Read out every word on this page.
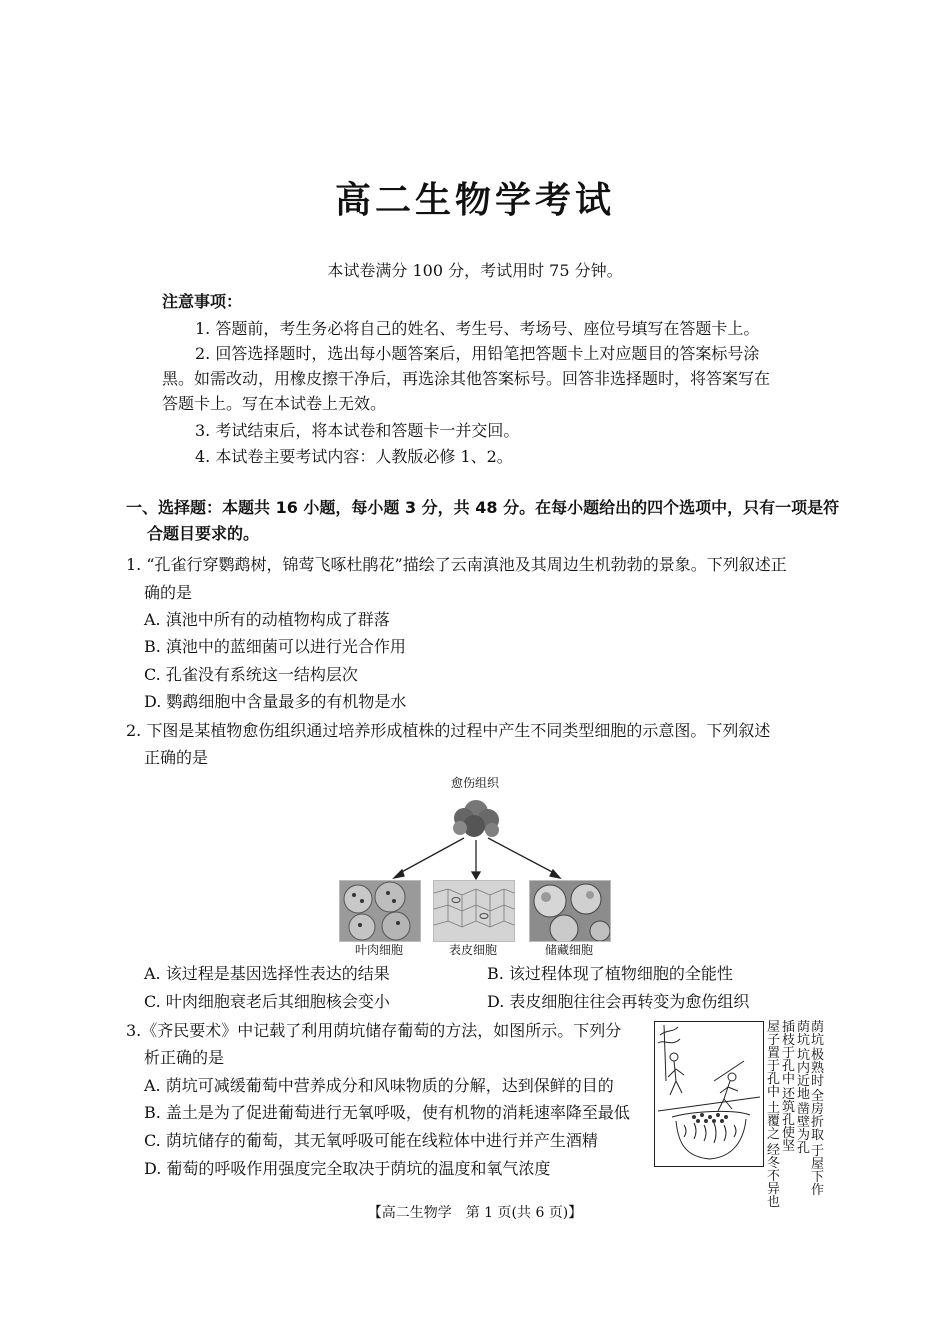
高二生物学考试
本试卷满分 100 分，考试用时 75 分钟。
注意事项：
1. 答题前，考生务必将自己的姓名、考生号、考场号、座位号填写在答题卡上。
2. 回答选择题时，选出每小题答案后，用铅笔把答题卡上对应题目的答案标号涂
黑。如需改动，用橡皮擦干净后，再选涂其他答案标号。回答非选择题时，将答案写在
答题卡上。写在本试卷上无效。
3. 考试结束后，将本试卷和答题卡一并交回。
4. 本试卷主要考试内容：人教版必修 1、2。
一、选择题：本题共 16 小题，每小题 3 分，共 48 分。在每小题给出的四个选项中，只有一项是符
合题目要求的。
1. “孔雀行穿鹦鹉树，锦莺飞啄杜鹃花”描绘了云南滇池及其周边生机勃勃的景象。下列叙述正
确的是
A. 滇池中所有的动植物构成了群落
B. 滇池中的蓝细菌可以进行光合作用
C. 孔雀没有系统这一结构层次
D. 鹦鹉细胞中含量最多的有机物是水
2. 下图是某植物愈伤组织通过培养形成植株的过程中产生不同类型细胞的示意图。下列叙述
正确的是
愈伤组织
叶肉细胞	表皮细胞	储藏细胞
A. 该过程是基因选择性表达的结果	B. 该过程体现了植物细胞的全能性
C. 叶肉细胞衰老后其细胞核会变小	D. 表皮细胞往往会再转变为愈伤组织
3.《齐民要术》中记载了利用荫坑储存葡萄的方法，如图所示。下列分
析正确的是
A. 荫坑可减缓葡萄中营养成分和风味物质的分解，达到保鲜的目的
B. 盖土是为了促进葡萄进行无氧呼吸，使有机物的消耗速率降至最低
C. 荫坑储存的葡萄，其无氧呼吸可能在线粒体中进行并产生酒精
D. 葡萄的呼吸作用强度完全取决于荫坑的温度和氧气浓度
荫坑
极熟时
全房折取
于屋下作
荫坑
坑内近地
凿壁为孔
插枝于孔中
还筑孔使坚
屋子置于孔中
土覆之
经冬不异也
【高二生物学　第 1 页(共 6 页)】
